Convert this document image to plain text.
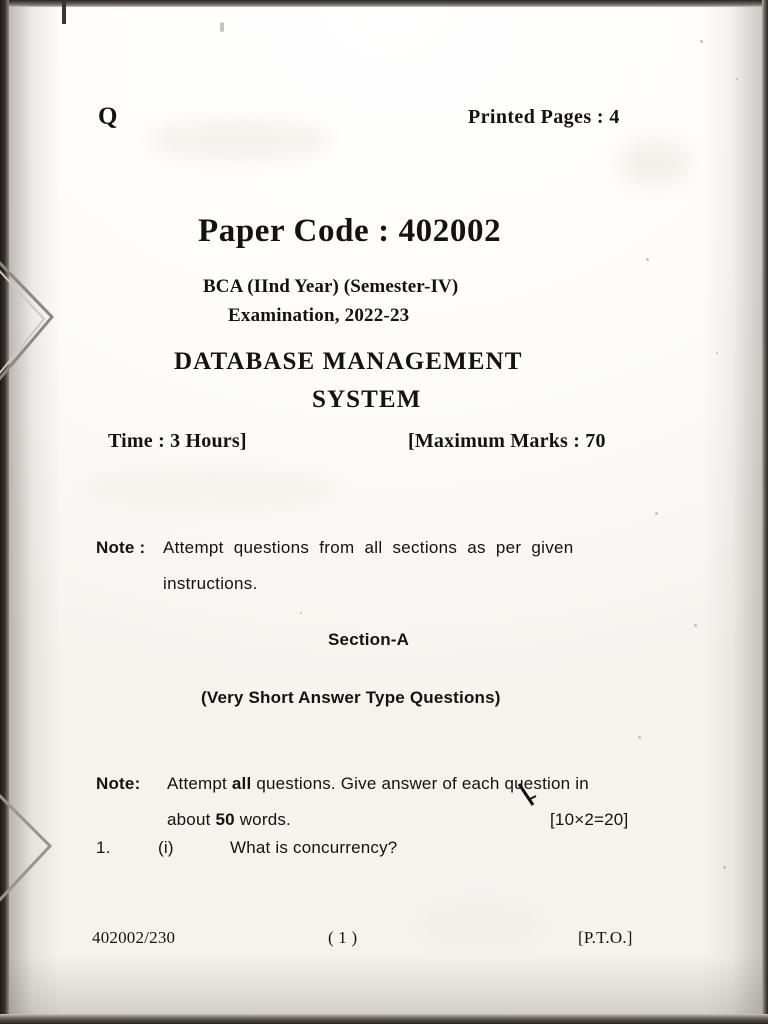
Q	Printed Pages : 4
Paper Code : 402002
BCA (IInd Year) (Semester-IV)
Examination, 2022-23
DATABASE MANAGEMENT
SYSTEM
Time : 3 Hours]	[Maximum Marks : 70
Note : Attempt  questions  from  all  sections  as  per  given
instructions.
Section-A
(Very Short Answer Type Questions)
Note: Attempt all questions. Give answer of each question in
about 50 words.	[10×2=20]
1.	(i)	What is concurrency?
402002/230	( 1 )	[P.T.O.]
